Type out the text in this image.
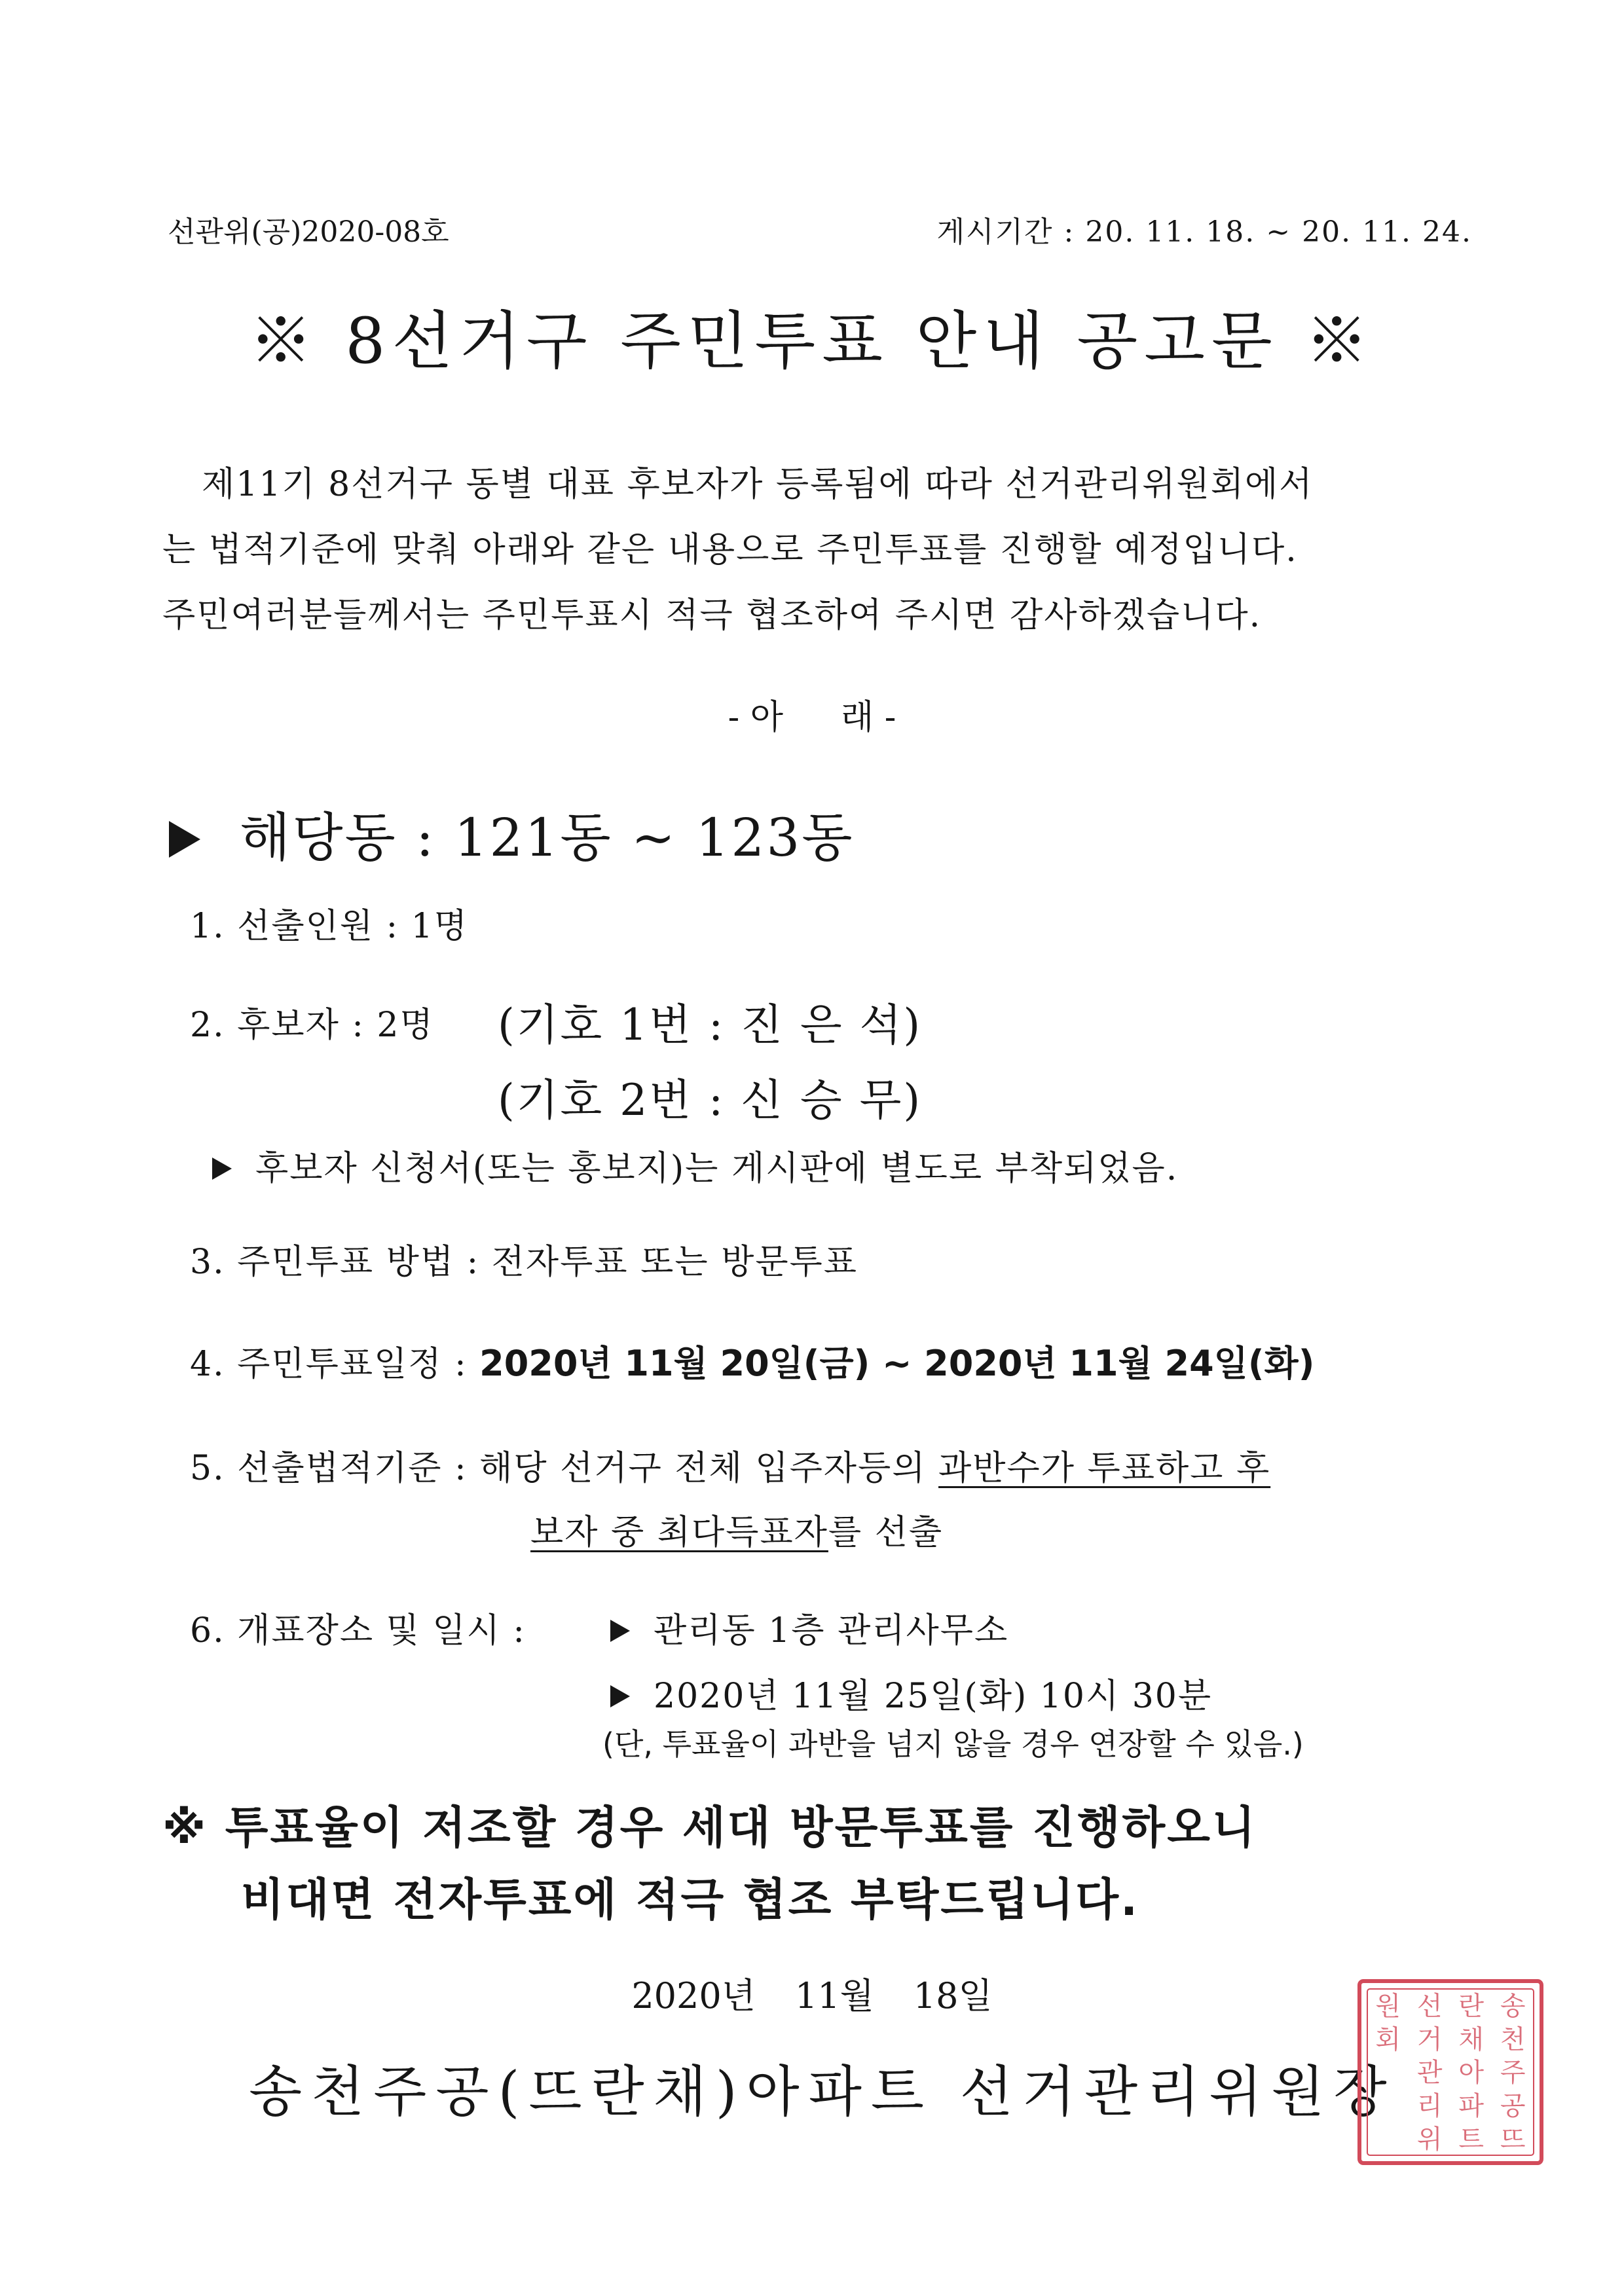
선관위(공)2020-08호	게시기간 : 20. 11. 18. ~ 20. 11. 24.
※ 8선거구 주민투표 안내 공고문 ※

제11기 8선거구 동별 대표 후보자가 등록됨에 따라 선거관리위원회에서

는 법적기준에 맞춰 아래와 같은 내용으로 주민투표를 진행할 예정입니다.

주민여러분들께서는 주민투표시 적극 협조하여 주시면 감사하겠습니다.

- 아 래 -
해당동 : 121동 ~ 123동
1. 선출인원 : 1명
2. 후보자 : 2명 (기호 1번 : 진 은 석)
(기호 2번 : 신 승 무)
후보자 신청서(또는 홍보지)는 게시판에 별도로 부착되었음.
3. 주민투표 방법 : 전자투표 또는 방문투표
4. 주민투표일정 : 2020년 11월 20일(금) ~ 2020년 11월 24일(화)
5. 선출법적기준 : 해당 선거구 전체 입주자등의 과반수가 투표하고 후
보자 중 최다득표자를 선출
6. 개표장소 및 일시 :	관리동 1층 관리사무소
2020년 11월 25일(화) 10시 30분
(단, 투표율이 과반을 넘지 않을 경우 연장할 수 있음.)

※ 투표율이 저조할 경우 세대 방문투표를 진행하오니

비대면 전자투표에 적극 협조 부탁드립니다.

2020년 11월 18일
송천주공(뜨란채)아파트 선거관리위원장
송
천
주
공
뜨
란
채
아
파
트
선
거
관
리
위
원
회
